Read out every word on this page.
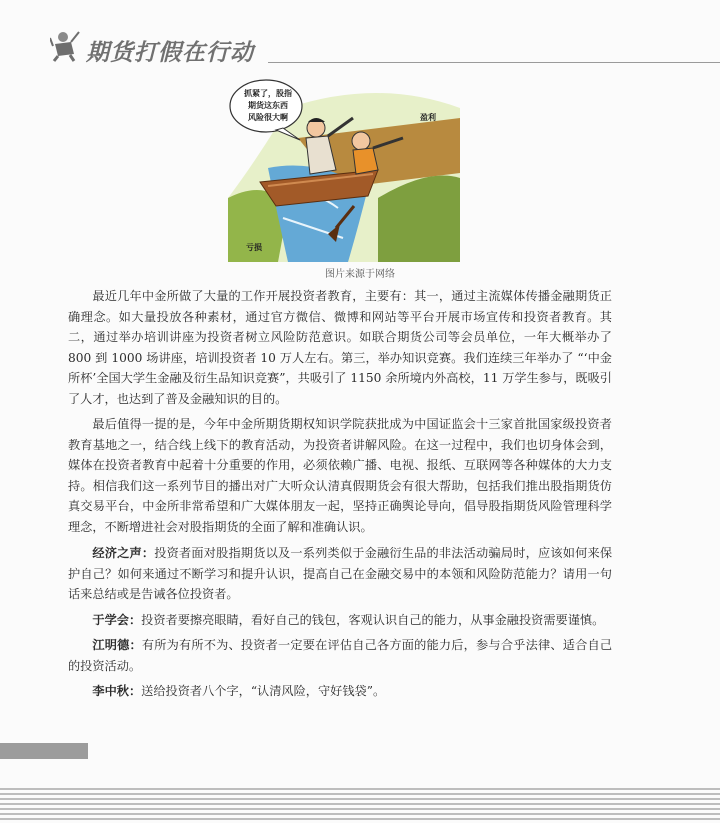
期货打假在行动
抓紧了，股指
期货这东西
风险很大啊	盈利
亏损
图片来源于网络

最近几年中金所做了大量的工作开展投资者教育，主要有：其一，通过主流媒体传播金融期货正确理念。如大量投放各种素材，通过官方微信、微博和网站等平台开展市场宣传和投资者教育。其二，通过举办培训讲座为投资者树立风险防范意识。如联合期货公司等会员单位，一年大概举办了 800 到 1000 场讲座，培训投资者 10 万人左右。第三，举办知识竞赛。我们连续三年举办了 “‘中金所杯’全国大学生金融及衍生品知识竞赛”，共吸引了 1150 余所境内外高校，11 万学生参与，既吸引了人才，也达到了普及金融知识的目的。

最后值得一提的是，今年中金所期货期权知识学院获批成为中国证监会十三家首批国家级投资者教育基地之一，结合线上线下的教育活动，为投资者讲解风险。在这一过程中，我们也切身体会到，媒体在投资者教育中起着十分重要的作用，必须依赖广播、电视、报纸、互联网等各种媒体的大力支持。相信我们这一系列节目的播出对广大听众认清真假期货会有很大帮助，包括我们推出股指期货仿真交易平台，中金所非常希望和广大媒体朋友一起，坚持正确舆论导向，倡导股指期货风险管理科学理念，不断增进社会对股指期货的全面了解和准确认识。

经济之声：投资者面对股指期货以及一系列类似于金融衍生品的非法活动骗局时，应该如何来保护自己？如何来通过不断学习和提升认识，提高自己在金融交易中的本领和风险防范能力？请用一句话来总结或是告诫各位投资者。

于学会：投资者要擦亮眼睛，看好自己的钱包，客观认识自己的能力，从事金融投资需要谨慎。

江明德：有所为有所不为、投资者一定要在评估自己各方面的能力后，参与合乎法律、适合自己的投资活动。

李中秋：送给投资者八个字，“认清风险，守好钱袋”。
